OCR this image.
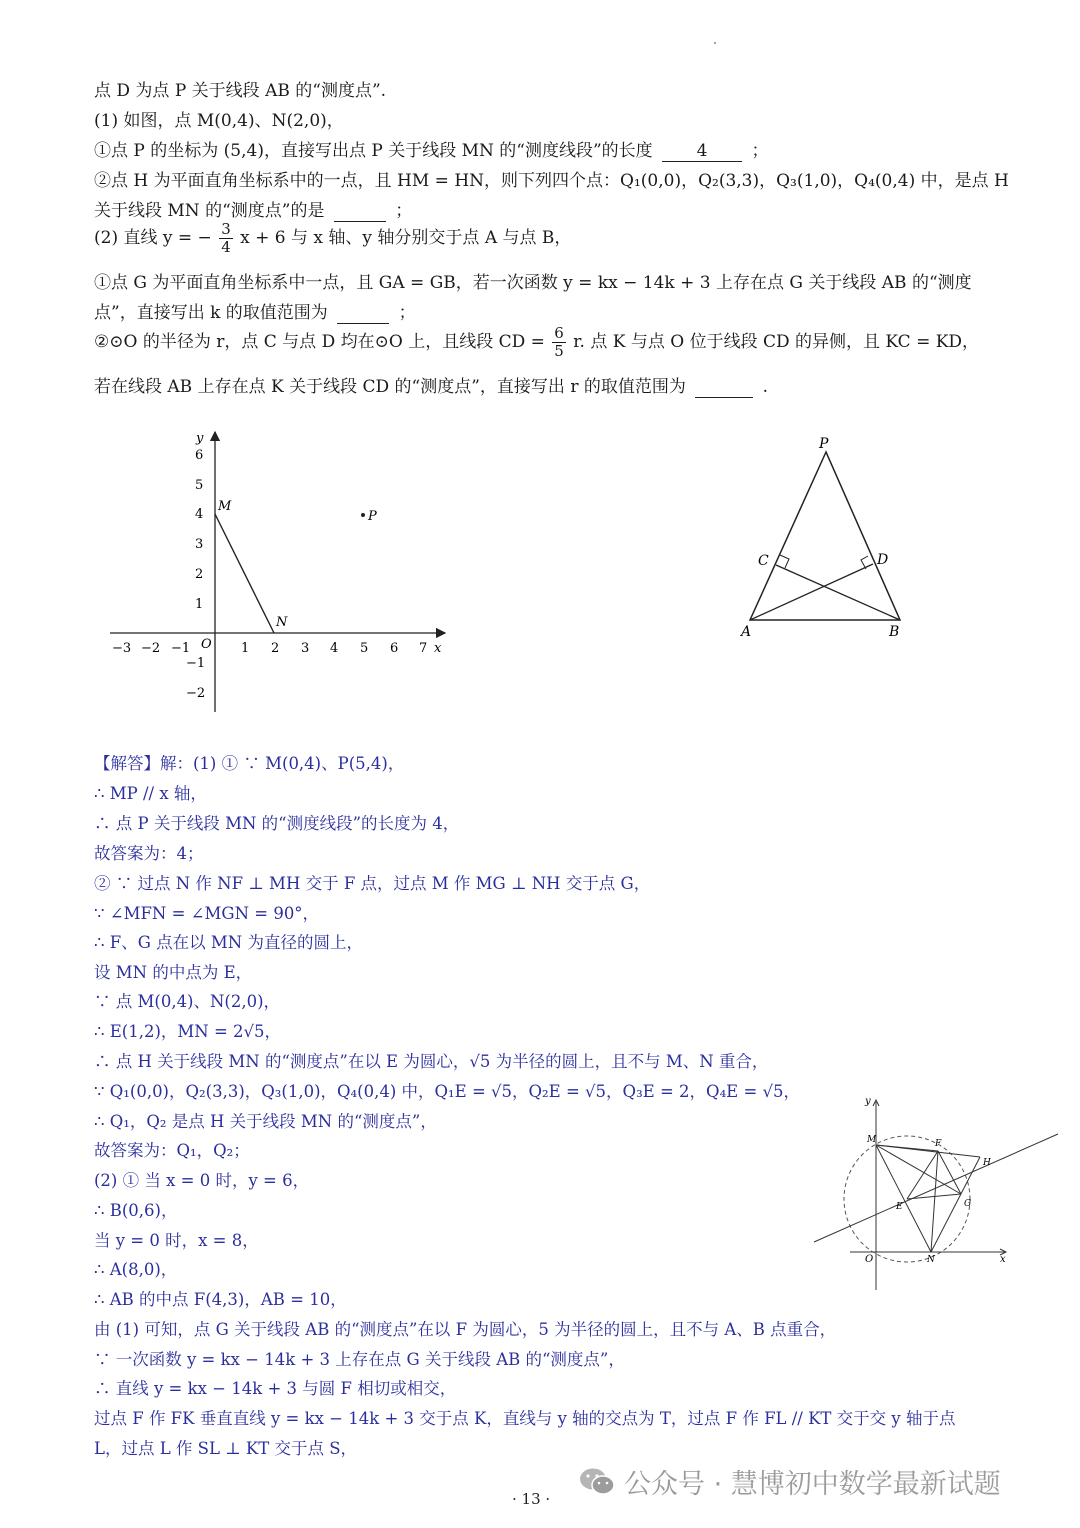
点 D 为点 P 关于线段 AB 的“测度点”.
(1) 如图，点 M(0,4)、N(2,0)，
①点 P 的坐标为 (5,4)，直接写出点 P 关于线段 MN 的“测度线段”的长度	4	；
②点 H 为平面直角坐标系中的一点，且 HM = HN，则下列四个点：Q₁(0,0)，Q₂(3,3)，Q₃(1,0)，Q₄(0,4) 中，是点 H
关于线段 MN 的“测度点”的是	；
(2) 直线 y = − $\frac{3}{4}$ x + 6 与 x 轴、y 轴分别交于点 A 与点 B，
①点 G 为平面直角坐标系中一点，且 GA = GB，若一次函数 y = kx − 14k + 3 上存在点 G 关于线段 AB 的“测度
点”，直接写出 k 的取值范围为	；
②⊙O 的半径为 r，点 C 与点 D 均在⊙O 上，且线段 CD = $\frac{6}{5} r$. 点 K 与点 O 位于线段 CD 的异侧，且 KC = KD，
若在线段 AB 上存在点 K 关于线段 CD 的“测度点”，直接写出 r 的取值范围为	.
x
y
O
−3 −2 −1	1 2 3 4 5 6 7
6
5
4
3
2
1
−1
−2
M
N
P
P
C	D
A	B
【解答】解：(1) ① ∵ M(0,4)、P(5,4)，
∴ MP // x 轴，
∴ 点 P 关于线段 MN 的“测度线段”的长度为 4，
故答案为：4；
② ∵ 过点 N 作 NF ⊥ MH 交于 F 点，过点 M 作 MG ⊥ NH 交于点 G，
∵ ∠MFN = ∠MGN = 90°，
∴ F、G 点在以 MN 为直径的圆上，
设 MN 的中点为 E，
∵ 点 M(0,4)、N(2,0)，
∴ E(1,2)，MN = 2√5，
∴ 点 H 关于线段 MN 的“测度点”在以 E 为圆心，√5 为半径的圆上，且不与 M、N 重合，
∵ Q₁(0,0)，Q₂(3,3)，Q₃(1,0)，Q₄(0,4) 中，Q₁E = √5，Q₂E = √5，Q₃E = 2，Q₄E = √5，
∴ Q₁，Q₂ 是点 H 关于线段 MN 的“测度点”，
故答案为：Q₁，Q₂；
(2) ① 当 x = 0 时，y = 6，
∴ B(0,6)，
当 y = 0 时，x = 8，
∴ A(8,0)，
∴ AB 的中点 F(4,3)，AB = 10，
由 (1) 可知，点 G 关于线段 AB 的“测度点”在以 F 为圆心，5 为半径的圆上，且不与 A、B 点重合，
∵ 一次函数 y = kx − 14k + 3 上存在点 G 关于线段 AB 的“测度点”，
∴ 直线 y = kx − 14k + 3 与圆 F 相切或相交，
过点 F 作 FK 垂直直线 y = kx − 14k + 3 交于点 K，直线与 y 轴的交点为 T，过点 F 作 FL // KT 交于交 y 轴于点
L，过点 L 作 SL ⊥ KT 交于点 S，
y
x
O
M	F
H
E	G
N
公众号 · 慧博初中数学最新试题
· 13 ·
